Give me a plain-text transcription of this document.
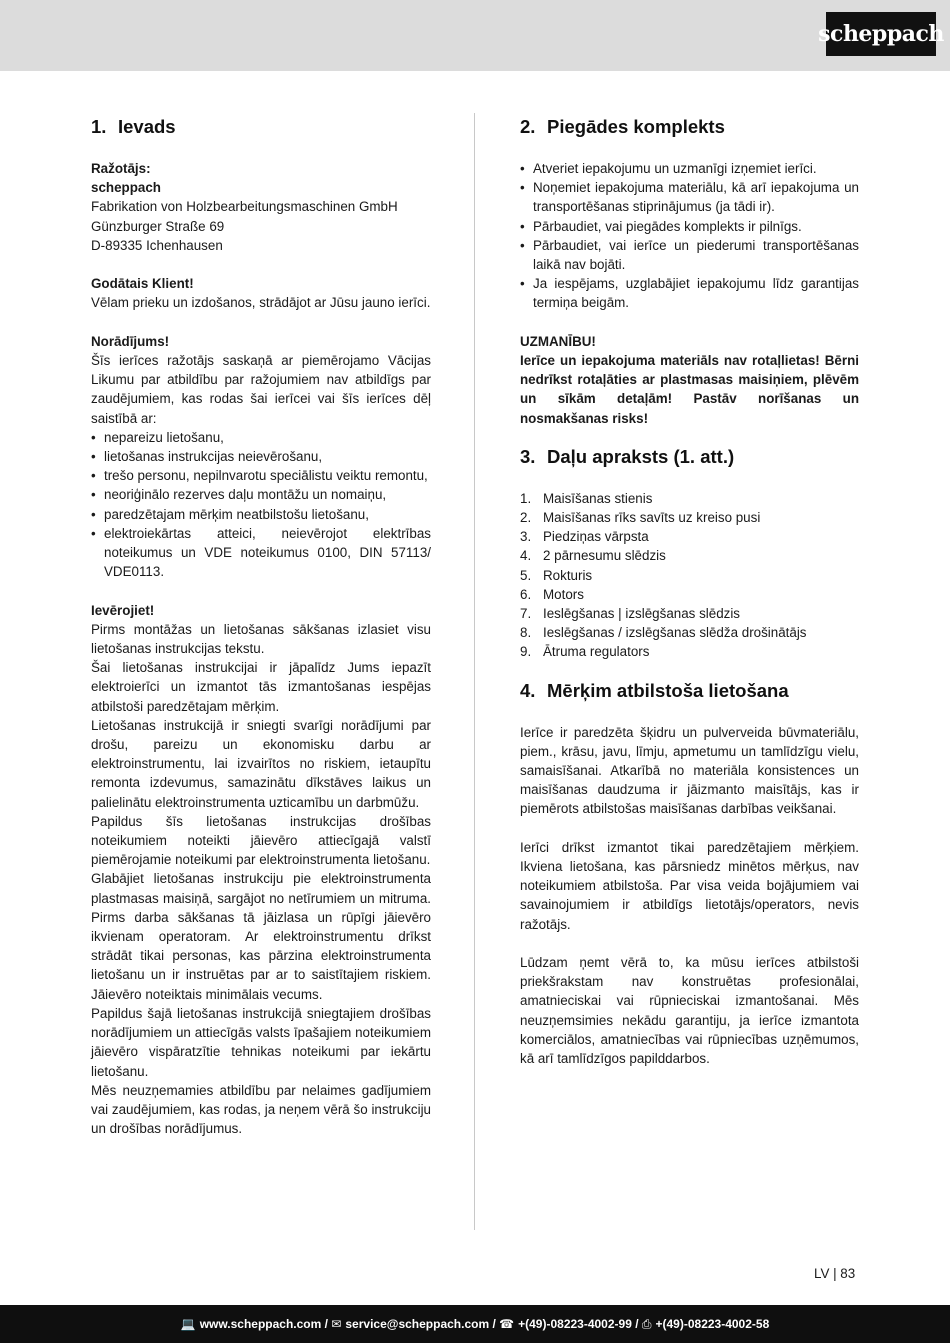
scheppach
1. Ievads

Ražotājs:

scheppach

Fabrikation von Holzbearbeitungsmaschinen GmbH

Günzburger Straße 69

D-89335 Ichenhausen

Godātais Klient!

Vēlam prieku un izdošanos, strādājot ar Jūsu jauno ierīci.

Norādījums!

Šīs ierīces ražotājs saskaņā ar piemērojamo Vācijas Likumu par atbildību par ražojumiem nav atbildīgs par zaudējumiem, kas rodas šai ierīcei vai šīs ierīces dēļ saistībā ar:

• nepareizu lietošanu,
• lietošanas instrukcijas neievērošanu,
• trešo personu, nepilnvarotu speciālistu veiktu remontu,
• neoriģinālo rezerves daļu montāžu un nomaiņu,
• paredzētajam mērķim neatbilstošu lietošanu,
• elektroiekārtas atteici, neievērojot elektrības noteikumus un VDE noteikumus 0100, DIN 57113/ VDE0113.

Ievērojiet!

Pirms montāžas un lietošanas sākšanas izlasiet visu lietošanas instrukcijas tekstu.

Šai lietošanas instrukcijai ir jāpalīdz Jums iepazīt elektroierīci un izmantot tās izmantošanas iespējas atbilstoši paredzētajam mērķim.

Lietošanas instrukcijā ir sniegti svarīgi norādījumi par drošu, pareizu un ekonomisku darbu ar elektroinstrumentu, lai izvairītos no riskiem, ietaupītu remonta izdevumus, samazinātu dīkstāves laikus un palielinātu elektroinstrumenta uzticamību un darbmūžu.

Papildus šīs lietošanas instrukcijas drošības noteikumiem noteikti jāievēro attiecīgajā valstī piemērojamie noteikumi par elektroinstrumenta lietošanu.

Glabājiet lietošanas instrukciju pie elektroinstrumenta plastmasas maisiņā, sargājot no netīrumiem un mitruma. Pirms darba sākšanas tā jāizlasa un rūpīgi jāievēro ikvienam operatoram. Ar elektroinstrumentu drīkst strādāt tikai personas, kas pārzina elektroinstrumenta lietošanu un ir instruētas par ar to saistītajiem riskiem. Jāievēro noteiktais minimālais vecums.

Papildus šajā lietošanas instrukcijā sniegtajiem drošības norādījumiem un attiecīgās valsts īpašajiem noteikumiem jāievēro vispāratzītie tehnikas noteikumi par iekārtu lietošanu.

Mēs neuzņemamies atbildību par nelaimes gadījumiem vai zaudējumiem, kas rodas, ja neņem vērā šo instrukciju un drošības norādījumus.

2. Piegādes komplekts
• Atveriet iepakojumu un uzmanīgi izņemiet ierīci.
• Noņemiet iepakojuma materiālu, kā arī iepakojuma un transportēšanas stiprinājumus (ja tādi ir).
• Pārbaudiet, vai piegādes komplekts ir pilnīgs.
• Pārbaudiet, vai ierīce un piederumi transportēšanas laikā nav bojāti.
• Ja iespējams, uzglabājiet iepakojumu līdz garantijas termiņa beigām.

UZMANĪBU!

Ierīce un iepakojuma materiāls nav rotaļlietas! Bērni nedrīkst rotaļāties ar plastmasas maisiņiem, plēvēm un sīkām detaļām! Pastāv norīšanas un nosmakšanas risks!

3. Daļu apraksts (1. att.)
1. Maisīšanas stienis
2. Maisīšanas rīks savīts uz kreiso pusi
3. Piedziņas vārpsta
4. 2 pārnesumu slēdzis
5. Rokturis
6. Motors
7. Ieslēgšanas | izslēgšanas slēdzis
8. Ieslēgšanas / izslēgšanas slēdža drošinātājs
9. Ātruma regulators
4. Mērķim atbilstoša lietošana

Ierīce ir paredzēta šķidru un pulverveida būvmateriālu, piem., krāsu, javu, līmju, apmetumu un tamlīdzīgu vielu, samaisīšanai. Atkarībā no materiāla konsistences un maisīšanas daudzuma ir jāizmanto maisītājs, kas ir piemērots atbilstošas maisīšanas darbības veikšanai.

Ierīci drīkst izmantot tikai paredzētajiem mērķiem. Ikviena lietošana, kas pārsniedz minētos mērķus, nav noteikumiem atbilstoša. Par visa veida bojājumiem vai savainojumiem ir atbildīgs lietotājs/operators, nevis ražotājs.

Lūdzam ņemt vērā to, ka mūsu ierīces atbilstoši priekšrakstam nav konstruētas profesionālai, amatnieciskai vai rūpnieciskai izmantošanai. Mēs neuzņemsimies nekādu garantiju, ja ierīce izmantota komerciālos, amatniecības vai rūpniecības uzņēmumos, kā arī tamlīdzīgos papilddarbos.

LV | 83
💻 www.scheppach.com /
✉ service@scheppach.com /
☎ +(49)-08223-4002-99 /
⎙ +(49)-08223-4002-58
